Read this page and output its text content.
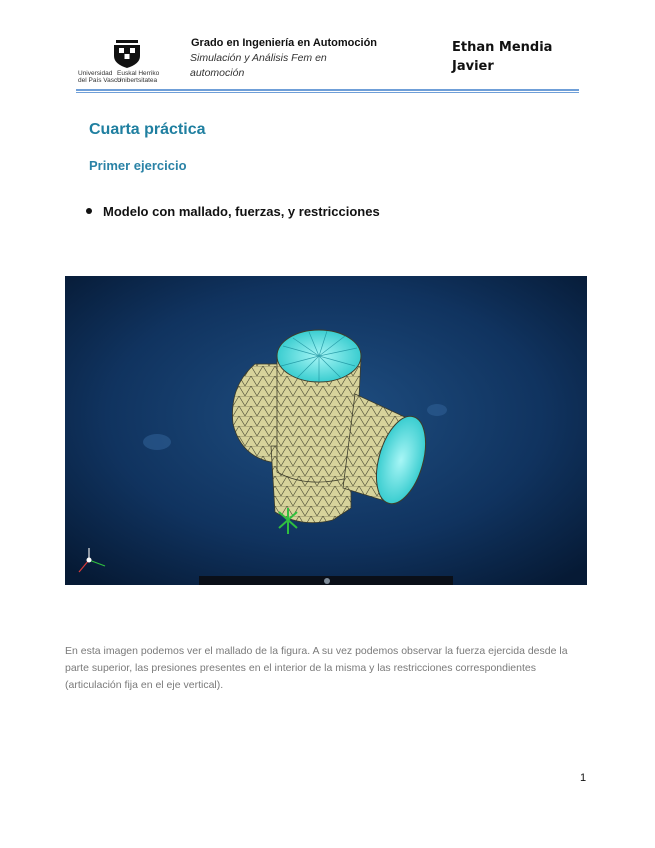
Universidad
del País Vasco
Euskal Herriko
Unibertsitatea
Grado en Ingeniería en Automoción
Simulación y Análisis Fem en automoción
Ethan Mendia Javier
Cuarta práctica
Primer ejercicio
Modelo con mallado, fuerzas, y restricciones
En esta imagen podemos ver el mallado de la figura. A su vez podemos observar la fuerza ejercida desde la parte superior, las presiones presentes en el interior de la misma y las restricciones correspondientes (articulación fija en el eje vertical).
1
